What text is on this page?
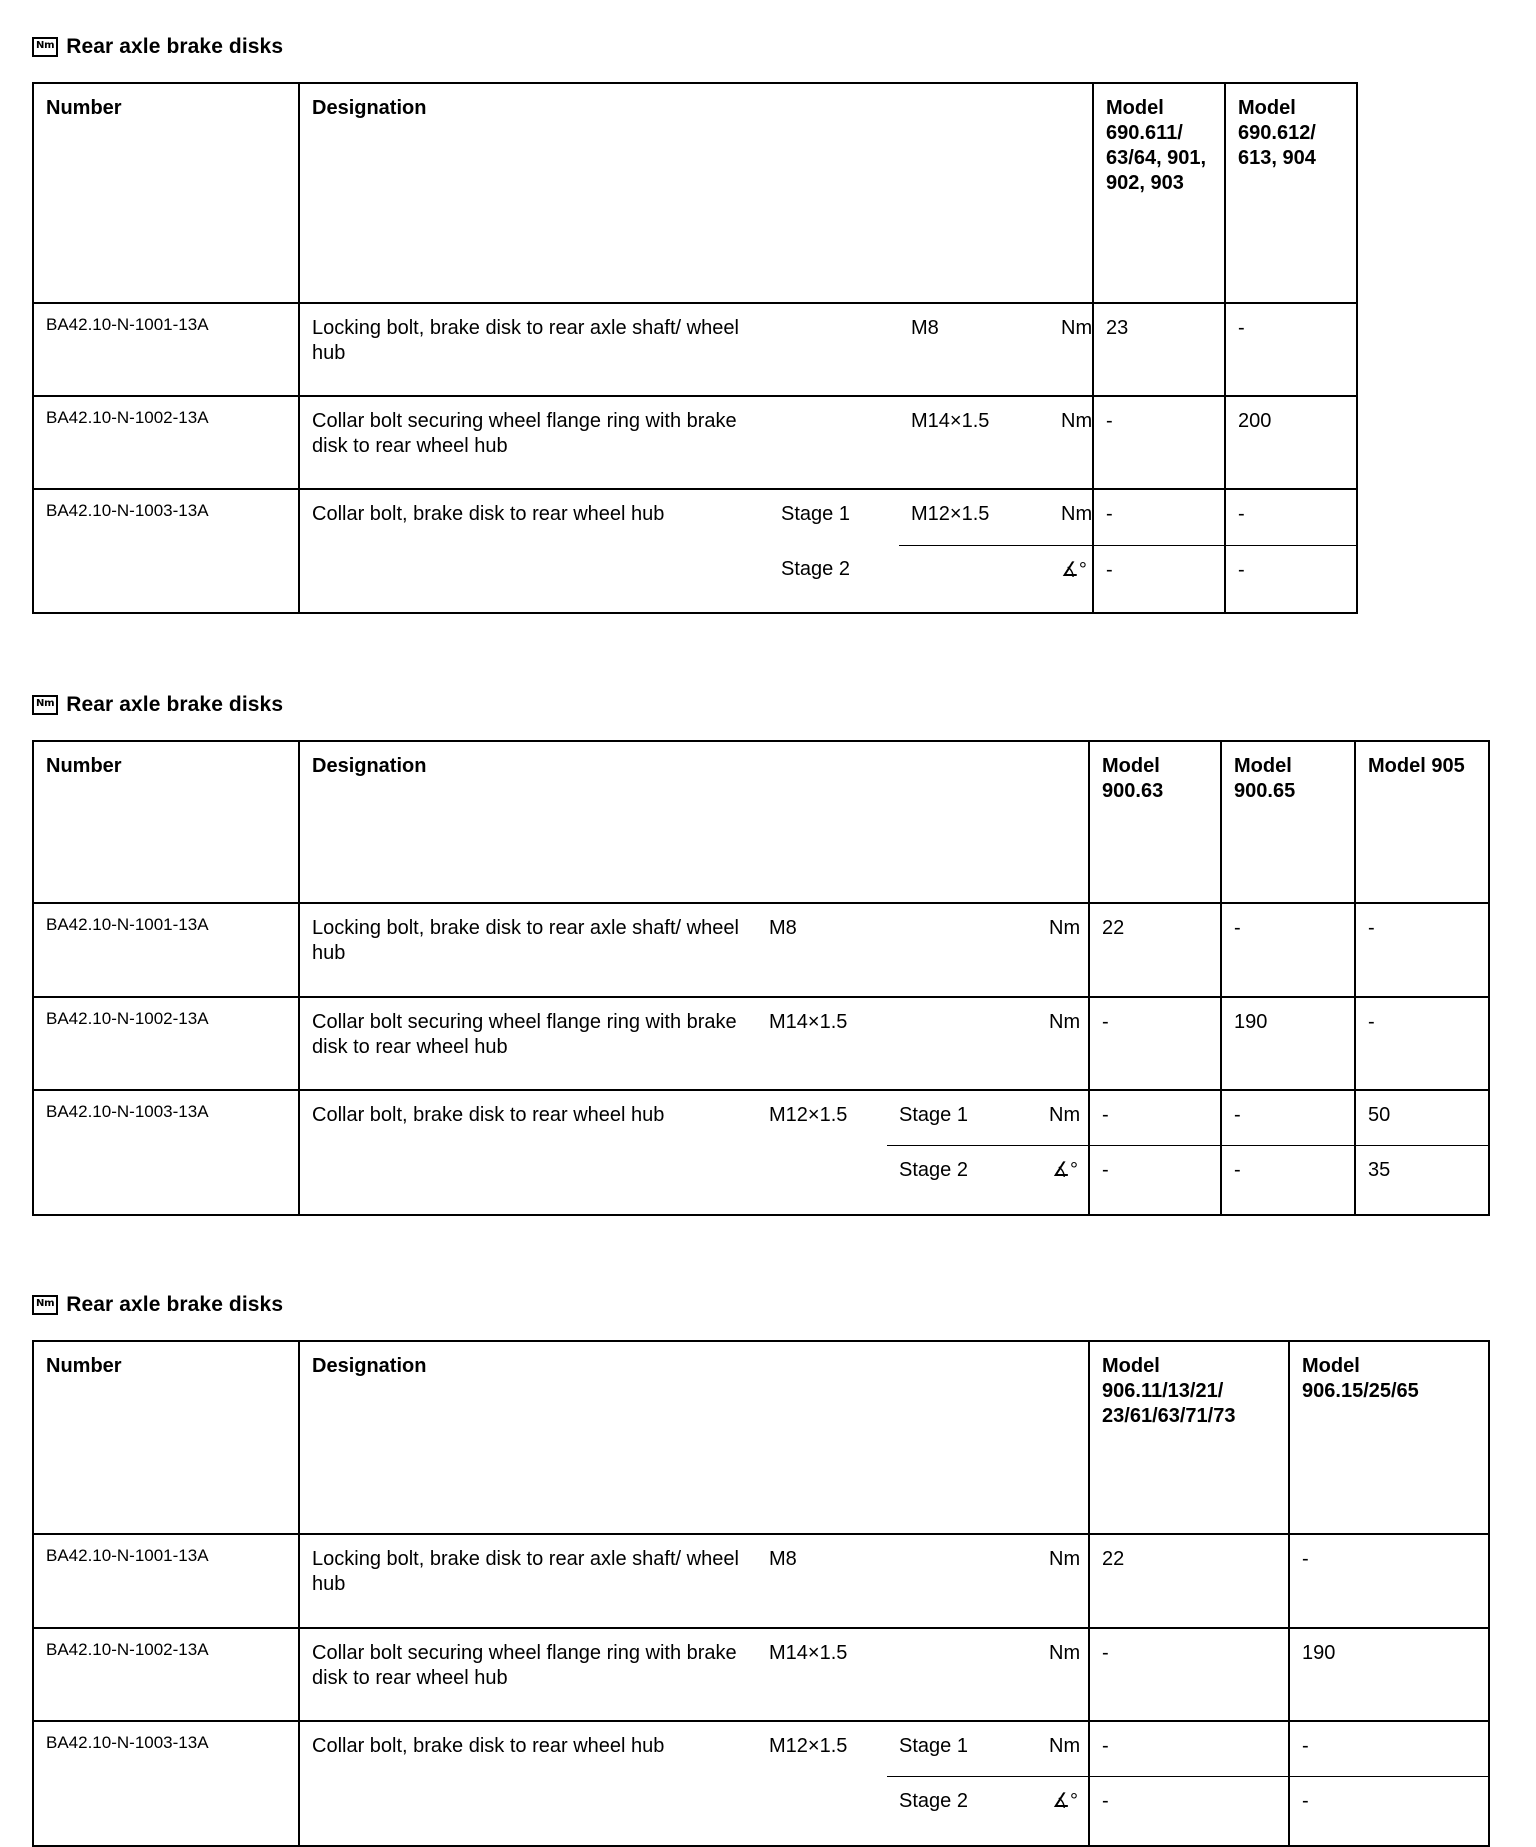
Nm Rear axle brake disks
Number	Designation				Model 690.611/ 63/64, 901, 902, 903	Model 690.612/ 613, 904
BA42.10-N-1001-13A	Locking bolt, brake disk to rear axle shaft/ wheel hub		M8	Nm	23	-
BA42.10-N-1002-13A	Collar bolt securing wheel flange ring with brake disk to rear wheel hub		M14×1.5	Nm	-	200
BA42.10-N-1003-13A	Collar bolt, brake disk to rear wheel hub	Stage 1	M12×1.5	Nm	-	-
		Stage 2		∡°	-	-
Nm Rear axle brake disks
Number	Designation				Model 900.63	Model 900.65	Model 905
BA42.10-N-1001-13A	Locking bolt, brake disk to rear axle shaft/ wheel hub	M8		Nm	22	-	-
BA42.10-N-1002-13A	Collar bolt securing wheel flange ring with brake disk to rear wheel hub	M14×1.5		Nm	-	190	-
BA42.10-N-1003-13A	Collar bolt, brake disk to rear wheel hub	M12×1.5	Stage 1	Nm	-	-	50
			Stage 2	∡°	-	-	35
Nm Rear axle brake disks
Number	Designation				Model 906.11/13/21/ 23/61/63/71/73	Model 906.15/25/65
BA42.10-N-1001-13A	Locking bolt, brake disk to rear axle shaft/ wheel hub	M8		Nm	22	-
BA42.10-N-1002-13A	Collar bolt securing wheel flange ring with brake disk to rear wheel hub	M14×1.5		Nm	-	190
BA42.10-N-1003-13A	Collar bolt, brake disk to rear wheel hub	M12×1.5	Stage 1	Nm	-	-
			Stage 2	∡°	-	-
